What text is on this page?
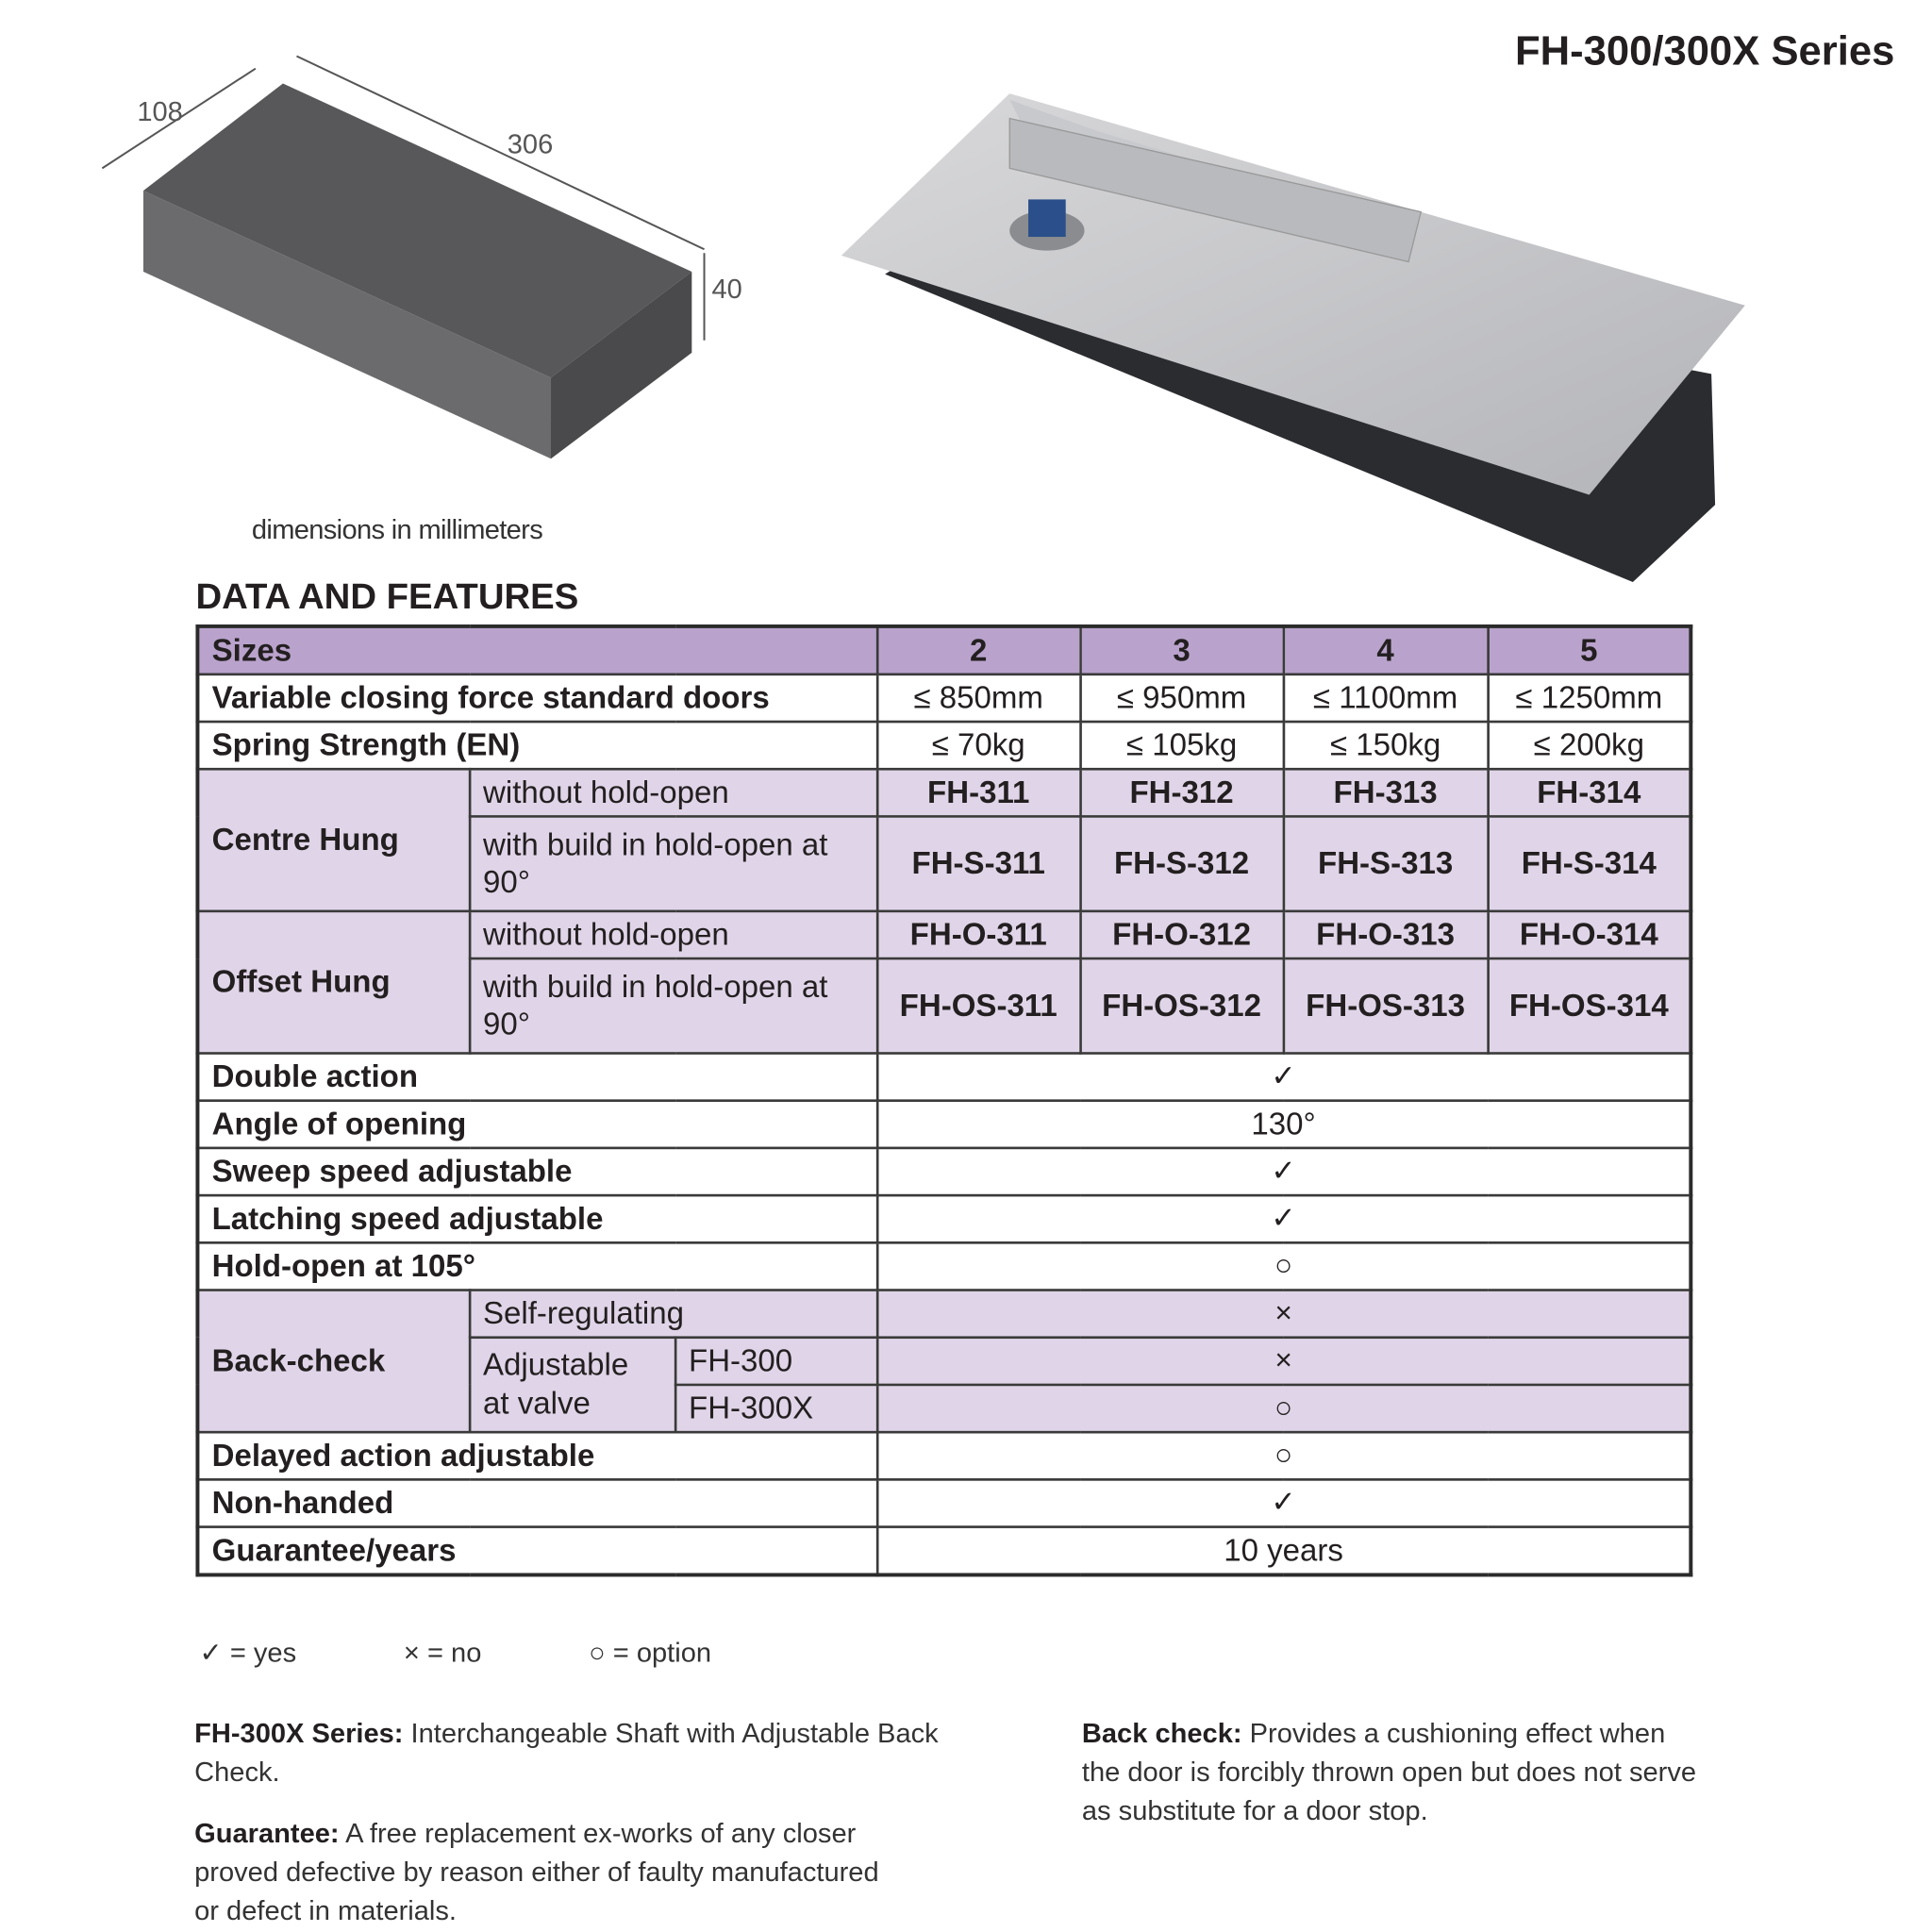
FH-300/300X Series
108
306
40
dimensions in millimeters
DATA AND FEATURES
Sizes			2	3	4	5
Variable closing force standard doors			≤ 850mm	≤ 950mm	≤ 1100mm	≤ 1250mm
Spring Strength (EN)			≤ 70kg	≤ 105kg	≤ 150kg	≤ 200kg
Centre Hung	without hold-open		FH-311	FH-312	FH-313	FH-314
	with build in hold-open at 90°		FH-S-311	FH-S-312	FH-S-313	FH-S-314
Offset Hung	without hold-open		FH-O-311	FH-O-312	FH-O-313	FH-O-314
	with build in hold-open at 90°		FH-OS-311	FH-OS-312	FH-OS-313	FH-OS-314
Double action			✓			
Angle of opening			130°			
Sweep speed adjustable			✓			
Latching speed adjustable			✓			
Hold-open at 105°			○			
Back-check	Self-regulating		×			
	Adjustable at valve	FH-300	×			
		FH-300X	○			
Delayed action adjustable			○			
Non-handed			✓			
Guarantee/years			10 years			
✓ = yes	× = no	○ = option
FH-300X Series: Interchangeable Shaft with Adjustable Back Check.
Guarantee: A free replacement ex-works of any closer proved defective by reason either of faulty manufactured or defect in materials.
Back check: Provides a cushioning effect when the door is forcibly thrown open but does not serve as substitute for a door stop.
